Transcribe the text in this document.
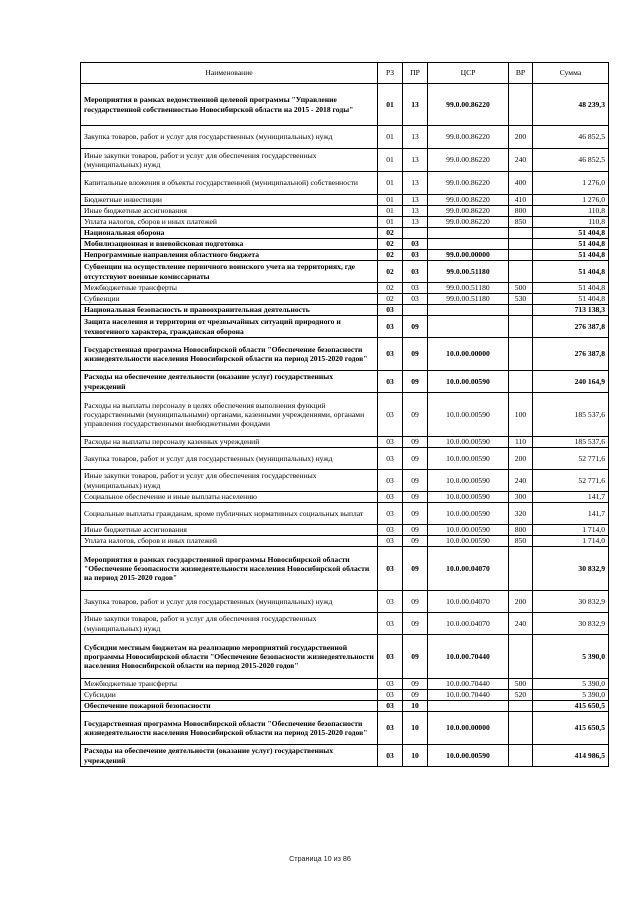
Наименование	РЗ	ПР	ЦСР	ВР	Сумма
Мероприятия в рамках ведомственной целевой программы "Управление государственной собственностью Новосибирской области на 2015 - 2018 годы"	01	13	99.0.00.86220		48 239,3
Закупка товаров, работ и услуг для государственных (муниципальных) нужд	01	13	99.0.00.86220	200	46 852,5
Иные закупки товаров, работ и услуг для обеспечения государственных (муниципальных) нужд	01	13	99.0.00.86220	240	46 852,5
Капитальные вложения в объекты государственной (муниципальной) собственности	01	13	99.0.00.86220	400	1 276,0
Бюджетные инвестиции	01	13	99.0.00.86220	410	1 276,0
Иные бюджетные ассигнования	01	13	99.0.00.86220	800	110,8
Уплата налогов, сборов и иных платежей	01	13	99.0.00.86220	850	110,8
Национальная оборона	02				51 404,8
Мобилизационная и вневойсковая подготовка	02	03			51 404,8
Непрограммные направления областного бюджета	02	03	99.0.00.00000		51 404,8
Субвенции на осуществление первичного воинского учета на территориях, где отсутствуют военные комиссариаты	02	03	99.0.00.51180		51 404,8
Межбюджетные трансферты	02	03	99.0.00.51180	500	51 404,8
Субвенции	02	03	99.0.00.51180	530	51 404,8
Национальная безопасность и правоохранительная деятельность	03				713 138,3
Защита населения и территории от чрезвычайных ситуаций природного и техногенного характера, гражданская оборона	03	09			276 387,8
Государственная программа Новосибирской области "Обеспечение безопасности жизнедеятельности населения Новосибирской области на период 2015-2020 годов"	03	09	10.0.00.00000		276 387,8
Расходы на обеспечение деятельности (оказание услуг) государственных учреждений	03	09	10.0.00.00590		240 164,9
Расходы на выплаты персоналу в целях обеспечения выполнения функций государственными (муниципальными) органами, казенными учреждениями, органами управления государственными внебюджетными фондами	03	09	10.0.00.00590	100	185 537,6
Расходы на выплаты персоналу казенных учреждений	03	09	10.0.00.00590	110	185 537,6
Закупка товаров, работ и услуг для государственных (муниципальных) нужд	03	09	10.0.00.00590	200	52 771,6
Иные закупки товаров, работ и услуг для обеспечения государственных (муниципальных) нужд	03	09	10.0.00.00590	240	52 771,6
Социальное обеспечение и иные выплаты населению	03	09	10.0.00.00590	300	141,7
Социальные выплаты гражданам, кроме публичных нормативных социальных выплат	03	09	10.0.00.00590	320	141,7
Иные бюджетные ассигнования	03	09	10.0.00.00590	800	1 714,0
Уплата налогов, сборов и иных платежей	03	09	10.0.00.00590	850	1 714,0
Мероприятия в рамках государственной программы Новосибирской области "Обеспечение безопасности жизнедеятельности населения Новосибирской области на период 2015-2020 годов"	03	09	10.0.00.04070		30 832,9
Закупка товаров, работ и услуг для государственных (муниципальных) нужд	03	09	10.0.00.04070	200	30 832,9
Иные закупки товаров, работ и услуг для обеспечения государственных (муниципальных) нужд	03	09	10.0.00.04070	240	30 832,9
Субсидии местным бюджетам на реализацию мероприятий государственной программы Новосибирской области "Обеспечение безопасности жизнедеятельности населения Новосибирской области на период 2015-2020 годов"	03	09	10.0.00.70440		5 390,0
Межбюджетные трансферты	03	09	10.0.00.70440	500	5 390,0
Субсидии	03	09	10.0.00.70440	520	5 390,0
Обеспечение пожарной безопасности	03	10			415 650,5
Государственная программа Новосибирской области "Обеспечение безопасности жизнедеятельности населения Новосибирской области на период 2015-2020 годов"	03	10	10.0.00.00000		415 650,5
Расходы на обеспечение деятельности (оказание услуг) государственных учреждений	03	10	10.0.00.00590		414 986,5
Страница 10 из 86
